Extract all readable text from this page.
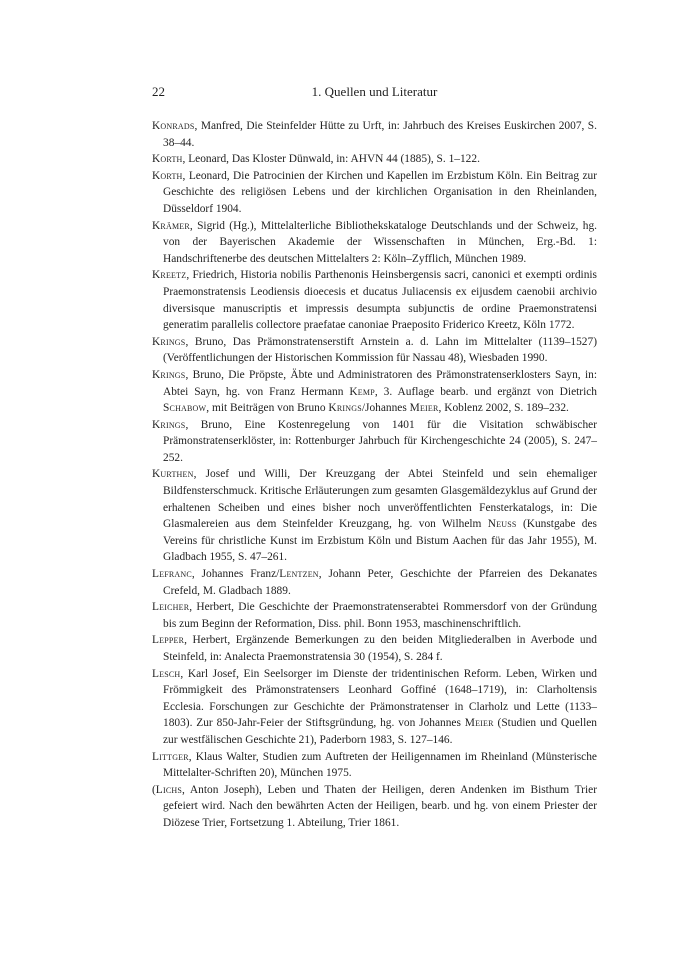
22	1. Quellen und Literatur
Konrads, Manfred, Die Steinfelder Hütte zu Urft, in: Jahrbuch des Kreises Euskirchen 2007, S. 38–44.
Korth, Leonard, Das Kloster Dünwald, in: AHVN 44 (1885), S. 1–122.
Korth, Leonard, Die Patrocinien der Kirchen und Kapellen im Erzbistum Köln. Ein Beitrag zur Geschichte des religiösen Lebens und der kirchlichen Organisation in den Rheinlanden, Düsseldorf 1904.
Krämer, Sigrid (Hg.), Mittelalterliche Bibliothekskataloge Deutschlands und der Schweiz, hg. von der Bayerischen Akademie der Wissenschaften in München, Erg.-Bd. 1: Handschriftenerbe des deutschen Mittelalters 2: Köln–Zyfflich, München 1989.
Kreetz, Friedrich, Historia nobilis Parthenonis Heinsbergensis sacri, canonici et exempti ordinis Praemonstratensis Leodiensis dioecesis et ducatus Juliacensis ex eijusdem caenobii archivio diversisque manuscriptis et impressis desumpta subjunctis de ordine Praemonstratensi generatim parallelis collectore praefatae canoniae Praeposito Friderico Kreetz, Köln 1772.
Krings, Bruno, Das Prämonstratenserstift Arnstein a. d. Lahn im Mittelalter (1139–1527) (Veröffentlichungen der Historischen Kommission für Nassau 48), Wiesbaden 1990.
Krings, Bruno, Die Pröpste, Äbte und Administratoren des Prämonstratenserklosters Sayn, in: Abtei Sayn, hg. von Franz Hermann Kemp, 3. Auflage bearb. und ergänzt von Dietrich Schabow, mit Beiträgen von Bruno Krings/Johannes Meier, Koblenz 2002, S. 189–232.
Krings, Bruno, Eine Kostenregelung von 1401 für die Visitation schwäbischer Prämonstratenserklöster, in: Rottenburger Jahrbuch für Kirchengeschichte 24 (2005), S. 247–252.
Kurthen, Josef und Willi, Der Kreuzgang der Abtei Steinfeld und sein ehemaliger Bildfensterschmuck. Kritische Erläuterungen zum gesamten Glasgemäldezyklus auf Grund der erhaltenen Scheiben und eines bisher noch unveröffentlichten Fensterkatalogs, in: Die Glasmalereien aus dem Steinfelder Kreuzgang, hg. von Wilhelm Neuss (Kunstgabe des Vereins für christliche Kunst im Erzbistum Köln und Bistum Aachen für das Jahr 1955), M. Gladbach 1955, S. 47–261.
Lefranc, Johannes Franz/Lentzen, Johann Peter, Geschichte der Pfarreien des Dekanates Crefeld, M. Gladbach 1889.
Leicher, Herbert, Die Geschichte der Praemonstratenserabtei Rommersdorf von der Gründung bis zum Beginn der Reformation, Diss. phil. Bonn 1953, maschinenschriftlich.
Lepper, Herbert, Ergänzende Bemerkungen zu den beiden Mitgliederalben in Averbode und Steinfeld, in: Analecta Praemonstratensia 30 (1954), S. 284 f.
Lesch, Karl Josef, Ein Seelsorger im Dienste der tridentinischen Reform. Leben, Wirken und Frömmigkeit des Prämonstratensers Leonhard Goffiné (1648–1719), in: Clarholtensis Ecclesia. Forschungen zur Geschichte der Prämonstratenser in Clarholz und Lette (1133–1803). Zur 850-Jahr-Feier der Stiftsgründung, hg. von Johannes Meier (Studien und Quellen zur westfälischen Geschichte 21), Paderborn 1983, S. 127–146.
Littger, Klaus Walter, Studien zum Auftreten der Heiligennamen im Rheinland (Münsterische Mittelalter-Schriften 20), München 1975.
(Lichs, Anton Joseph), Leben und Thaten der Heiligen, deren Andenken im Bisthum Trier gefeiert wird. Nach den bewährten Acten der Heiligen, bearb. und hg. von einem Priester der Diözese Trier, Fortsetzung 1. Abteilung, Trier 1861.
